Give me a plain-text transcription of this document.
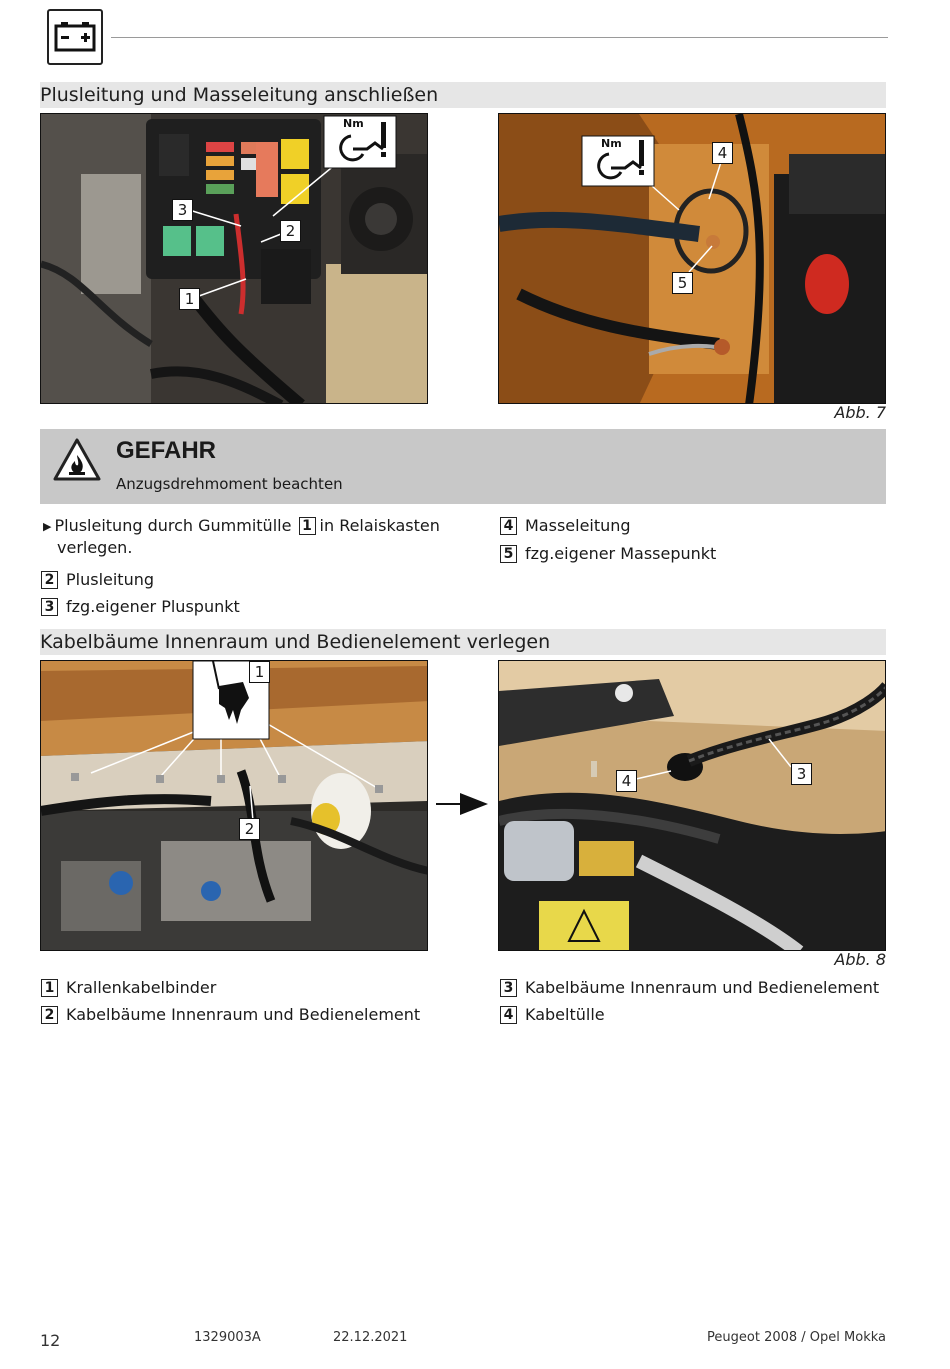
Plusleitung und Masseleitung anschließen
Nm
3
2
1
Nm
4
5
Abb. 7
GEFAHR
Anzugsdrehmoment beachten
▶ Plusleitung durch Gummitülle 1 in Relaiskasten
verlegen.
2 Plusleitung
3 fzg.eigener Pluspunkt
4 Masseleitung
5 fzg.eigener Massepunkt
Kabelbäume Innenraum und Bedienelement verlegen
1
2
4	3
Abb. 8
1 Krallenkabelbinder
2 Kabelbäume Innenraum und Bedienelement
3 Kabelbäume Innenraum und Bedienelement
4 Kabeltülle
12	1329003A	22.12.2021	Peugeot 2008 / Opel Mokka
